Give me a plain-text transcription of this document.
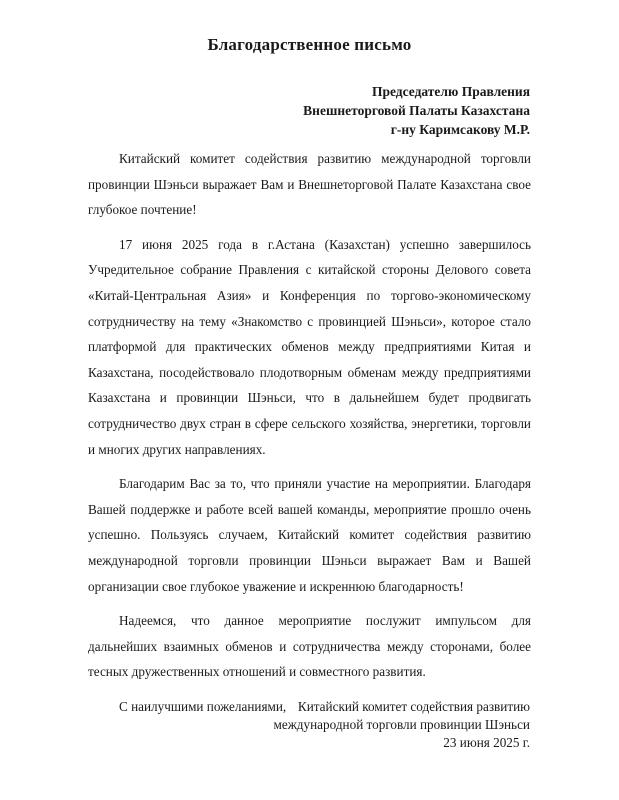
Благодарственное письмо
Председателю Правления
Внешнеторговой Палаты Казахстана
г-ну Каримсакову М.Р.

Китайский комитет содействия развитию международной торговли провинции Шэньси выражает Вам и Внешнеторговой Палате Казахстана свое глубокое почтение!

17 июня 2025 года в г.Астана (Казахстан) успешно завершилось Учредительное собрание Правления с китайской стороны Делового совета «Китай-Центральная Азия» и Конференция по торгово-экономическому сотрудничеству на тему «Знакомство с провинцией Шэньси», которое стало платформой для практических обменов между предприятиями Китая и Казахстана, посодействовало плодотворным обменам между предприятиями Казахстана и провинции Шэньси, что в дальнейшем будет продвигать сотрудничество двух стран в сфере сельского хозяйства, энергетики, торговли и многих других направлениях.

Благодарим Вас за то, что приняли участие на мероприятии. Благодаря Вашей поддержке и работе всей вашей команды, мероприятие прошло очень успешно. Пользуясь случаем, Китайский комитет содействия развитию международной торговли провинции Шэньси выражает Вам и Вашей организации свое глубокое уважение и искреннюю благодарность!

Надеемся, что данное мероприятие послужит импульсом для дальнейших взаимных обменов и сотрудничества между сторонами, более тесных дружественных отношений и совместного развития.

С наилучшими пожеланиями, Китайский комитет содействия развитию
международной торговли провинции Шэньси
23 июня 2025 г.
